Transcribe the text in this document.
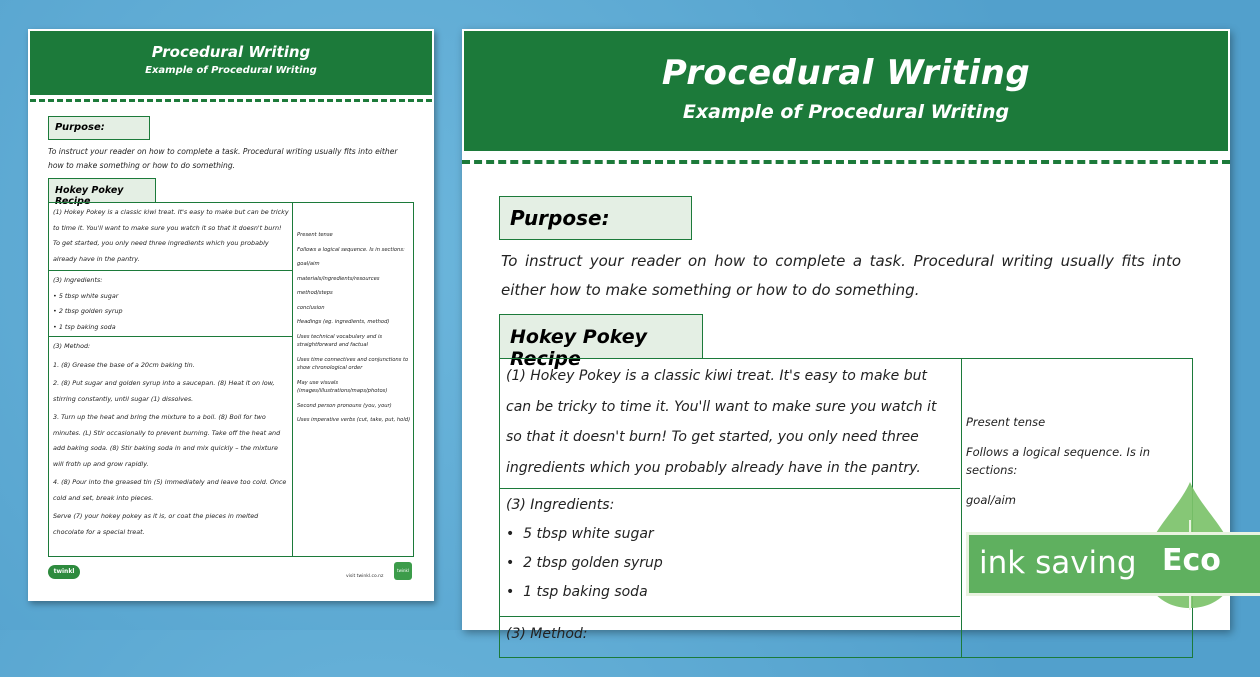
Procedural Writing
Example of Procedural Writing
Purpose:
To instruct your reader on how to complete a task. Procedural writing usually fits into either how to make something or how to do something.
Hokey Pokey Recipe
(1) Hokey Pokey is a classic kiwi treat. It's easy to make but can be tricky to time it. You'll want to make sure you watch it so that it doesn't burn! To get started, you only need three ingredients which you probably already have in the pantry.
(3) Ingredients:
• 5 tbsp white sugar
• 2 tbsp golden syrup
• 1 tsp baking soda

(3) Method:

1. (8) Grease the base of a 20cm baking tin.

2. (8) Put sugar and golden syrup into a saucepan. (8) Heat it on low, stirring constantly, until sugar (1) dissolves.

3. Turn up the heat and bring the mixture to a boil. (8) Boil for two minutes. (L) Stir occasionally to prevent burning. Take off the heat and add baking soda. (8) Stir baking soda in and mix quickly – the mixture will froth up and grow rapidly.

4. (8) Pour into the greased tin (5) immediately and leave too cold. Once cold and set, break into pieces.

Serve (7) your hokey pokey as it is, or coat the pieces in melted chocolate for a special treat.

Present tense

Follows a logical sequence. Is in sections:

goal/aim

materials/ingredients/resources

method/steps

conclusion

Headings (eg. ingredients, method)

Uses technical vocabulary and is straightforward and factual

Uses time connectives and conjunctions to show chronological order

May use visuals (images/illustrations/maps/photos)

Second person pronouns (you, your)

Uses imperative verbs (cut, take, put, hold)

twinkl
visit twinkl.co.nz
twinkl
Procedural Writing
Example of Procedural Writing
Purpose:
To instruct your reader on how to complete a task. Procedural writing usually fits into either how to make something or how to do something.
Hokey Pokey Recipe
(1) Hokey Pokey is a classic kiwi treat. It's easy to make but can be tricky to time it. You'll want to make sure you watch it so that it doesn't burn! To get started, you only need three ingredients which you probably already have in the pantry.
(3) Ingredients:
•  5 tbsp white sugar
•  2 tbsp golden syrup
•  1 tsp baking soda
(3) Method:

Present tense

Follows a logical sequence. Is in sections:

goal/aim

ink saving Eco
